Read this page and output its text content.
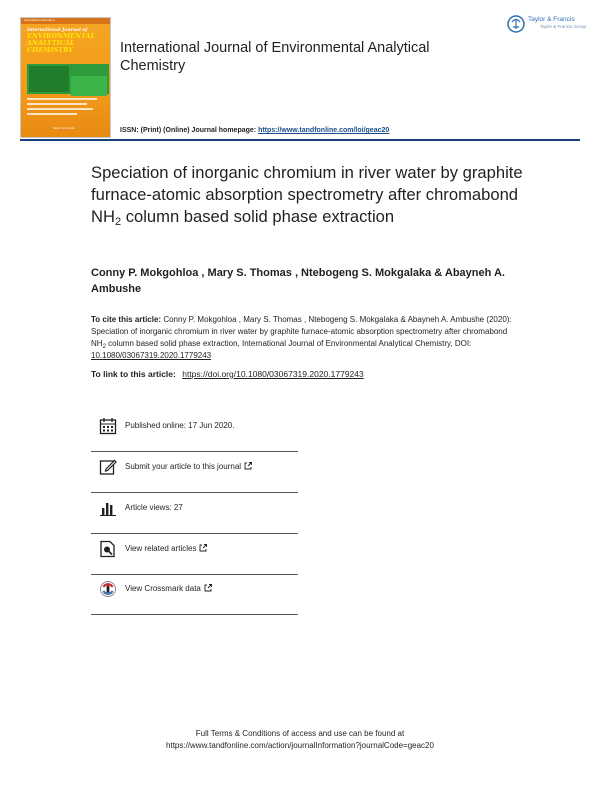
International Journal of
International Journal of
ENVIRONMENTAL
ANALYTICAL
CHEMISTRY
Taylor & Francis
International Journal of Environmental Analytical Chemistry
Taylor & Francis
Taylor & Francis Group
ISSN: (Print) (Online) Journal homepage: https://www.tandfonline.com/loi/geac20
Speciation of inorganic chromium in river water by graphite furnace-atomic absorption spectrometry after chromabond $NH_2$ column based solid phase extraction
Conny P. Mokgohloa , Mary S. Thomas , Ntebogeng S. Mokgalaka & Abayneh A. Ambushe
To cite this article: Conny P. Mokgohloa , Mary S. Thomas , Ntebogeng S. Mokgalaka & Abayneh A. Ambushe (2020): Speciation of inorganic chromium in river water by graphite furnace-atomic absorption spectrometry after chromabond $NH_2$ column based solid phase extraction, International Journal of Environmental Analytical Chemistry, DOI: 10.1080/03067319.2020.1779243
To link to this article: https://doi.org/10.1080/03067319.2020.1779243
Published online: 17 Jun 2020.
Submit your article to this journal
Article views: 27
View related articles
View Crossmark data
Full Terms & Conditions of access and use can be found at
https://www.tandfonline.com/action/journalInformation?journalCode=geac20
